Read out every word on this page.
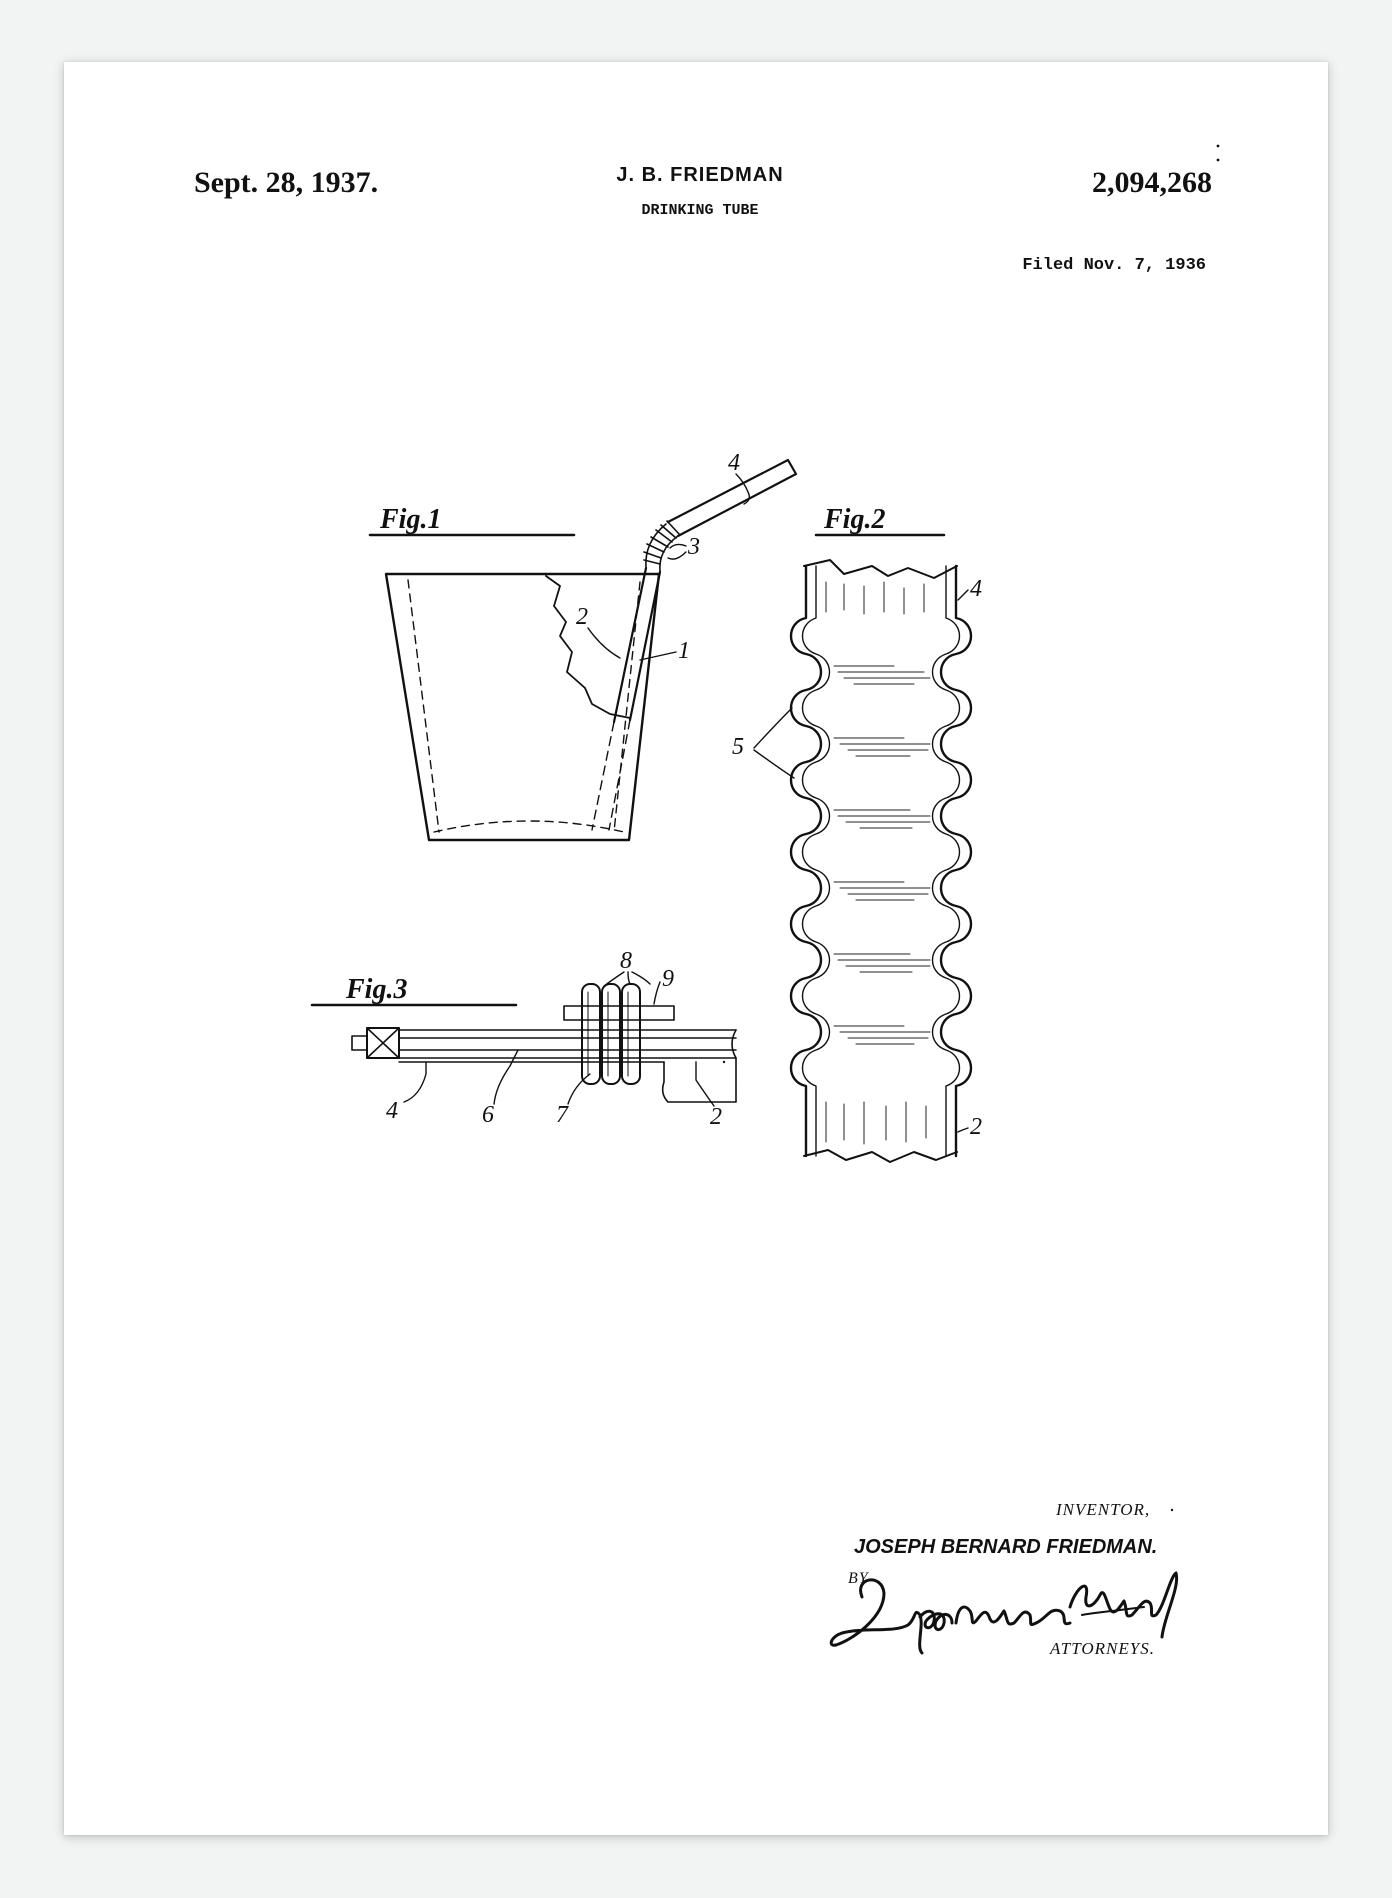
Sept. 28, 1937.	J. B. FRIEDMAN
DRINKING TUBE
2,094,268
Filed Nov. 7, 1936
Fig.1
4
3
2
1
Fig.2
4
5
2
Fig.3
8
9
4	6	7	2
INVENTOR,
JOSEPH BERNARD FRIEDMAN.
BY
ATTORNEYS.
